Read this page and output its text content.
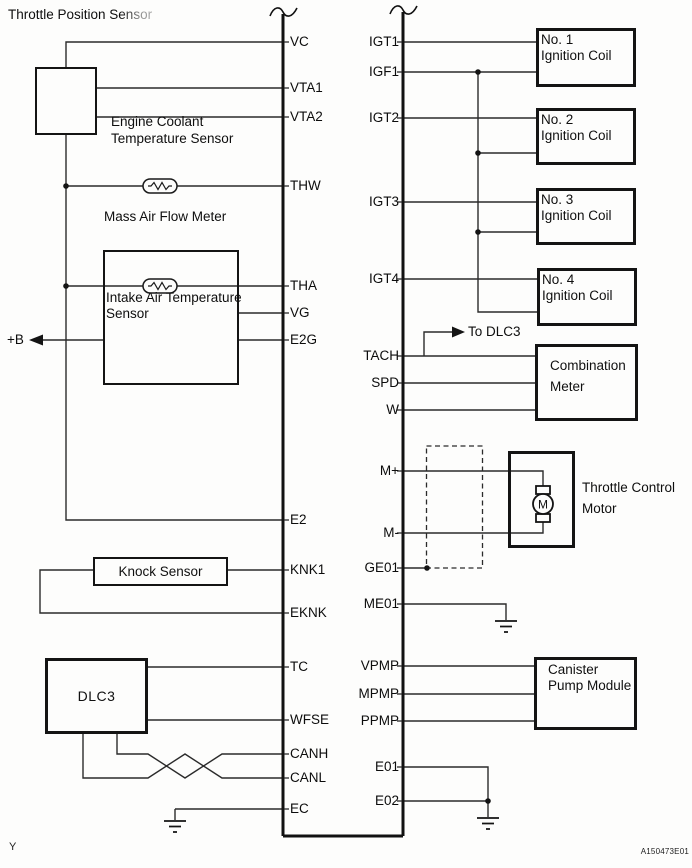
M
Knock Sensor
DLC3
No. 1
Ignition Coil
No. 2
Ignition Coil
No. 3
Ignition Coil
No. 4
Ignition Coil
Combination
Meter
Canister
Pump Module
Throttle Position Sensor
Engine Coolant
Temperature Sensor
Mass Air Flow Meter
Intake Air Temperature
Sensor
+B
To DLC3
Throttle Control
Motor
Y	A150473E01
VC
VTA1
VTA2
THW
THA
VG
E2G
E2
KNK1
EKNK
TC
WFSE
CANH
CANL
EC
IGT1
IGF1
IGT2
IGT3
IGT4
TACH
SPD
W
M+
M-
GE01
ME01
VPMP
MPMP
PPMP
E01
E02
